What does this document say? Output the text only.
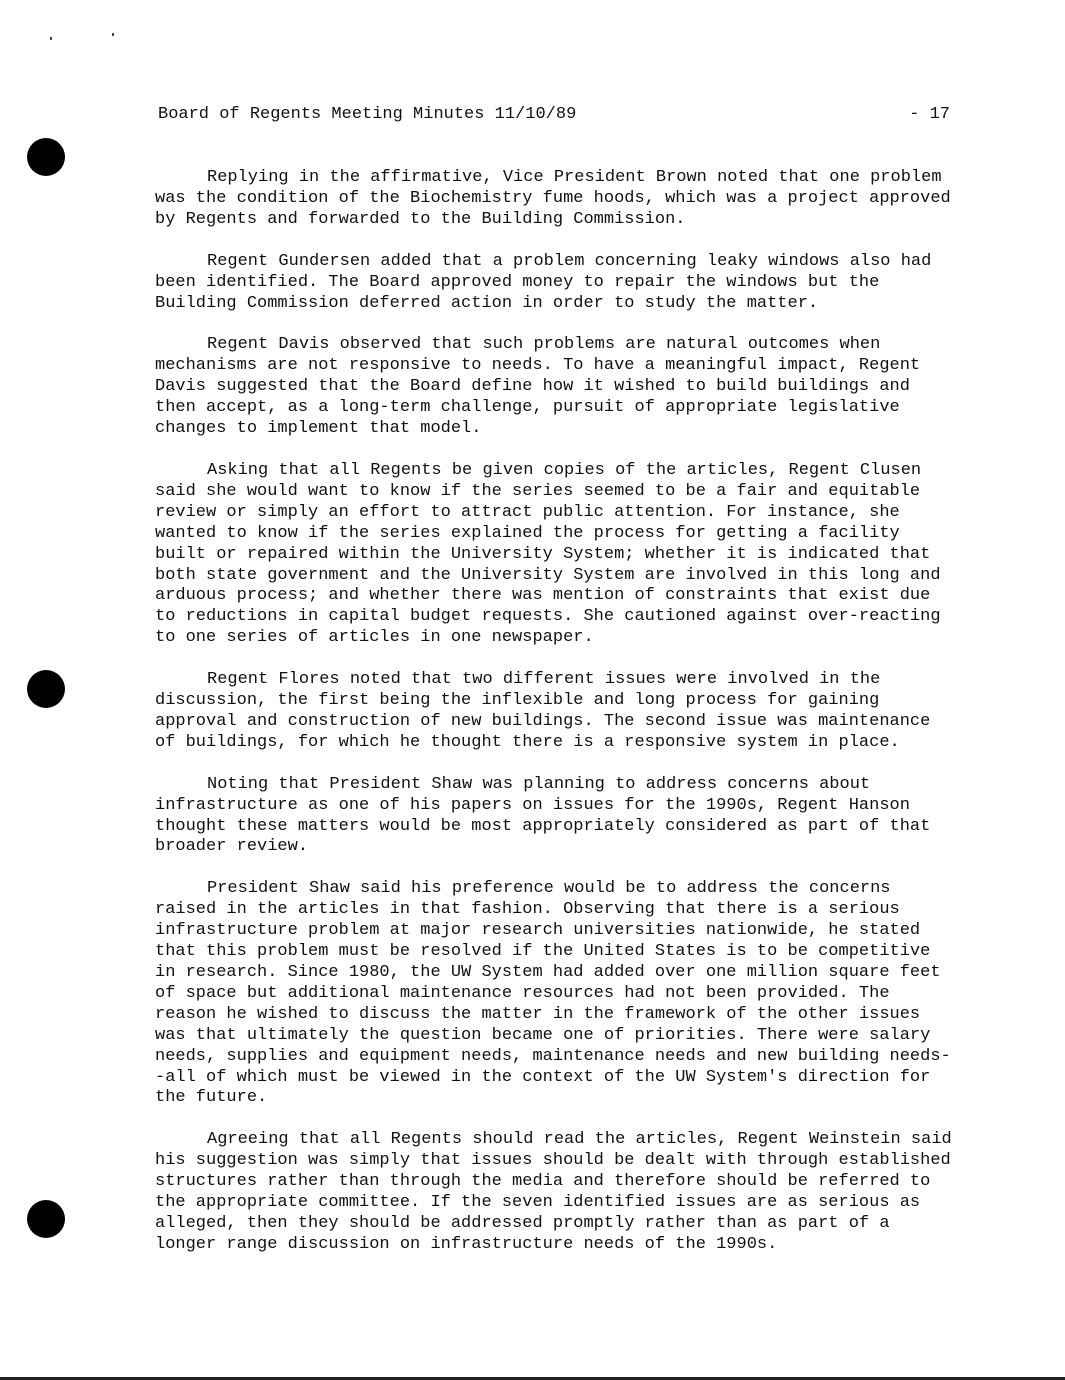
Board of Regents Meeting Minutes 11/10/89	- 17

Replying in the affirmative, Vice President Brown noted that one problem was the condition of the Biochemistry fume hoods, which was a project approved by Regents and forwarded to the Building Commission.

Regent Gundersen added that a problem concerning leaky windows also had been identified. The Board approved money to repair the windows but the Building Commission deferred action in order to study the matter.

Regent Davis observed that such problems are natural outcomes when mechanisms are not responsive to needs. To have a meaningful impact, Regent Davis suggested that the Board define how it wished to build buildings and then accept, as a long-term challenge, pursuit of appropriate legislative changes to implement that model.

Asking that all Regents be given copies of the articles, Regent Clusen said she would want to know if the series seemed to be a fair and equitable review or simply an effort to attract public attention. For instance, she wanted to know if the series explained the process for getting a facility built or repaired within the University System; whether it is indicated that both state government and the University System are involved in this long and arduous process; and whether there was mention of constraints that exist due to reductions in capital budget requests. She cautioned against over-reacting to one series of articles in one newspaper.

Regent Flores noted that two different issues were involved in the discussion, the first being the inflexible and long process for gaining approval and construction of new buildings. The second issue was maintenance of buildings, for which he thought there is a responsive system in place.

Noting that President Shaw was planning to address concerns about infrastructure as one of his papers on issues for the 1990s, Regent Hanson thought these matters would be most appropriately considered as part of that broader review.

President Shaw said his preference would be to address the concerns raised in the articles in that fashion. Observing that there is a serious infrastructure problem at major research universities nationwide, he stated that this problem must be resolved if the United States is to be competitive in research. Since 1980, the UW System had added over one million square feet of space but additional maintenance resources had not been provided. The reason he wished to discuss the matter in the framework of the other issues was that ultimately the question became one of priorities. There were salary needs, supplies and equipment needs, maintenance needs and new building needs--all of which must be viewed in the context of the UW System's direction for the future.

Agreeing that all Regents should read the articles, Regent Weinstein said his suggestion was simply that issues should be dealt with through established structures rather than through the media and therefore should be referred to the appropriate committee. If the seven identified issues are as serious as alleged, then they should be addressed promptly rather than as part of a longer range discussion on infrastructure needs of the 1990s.
